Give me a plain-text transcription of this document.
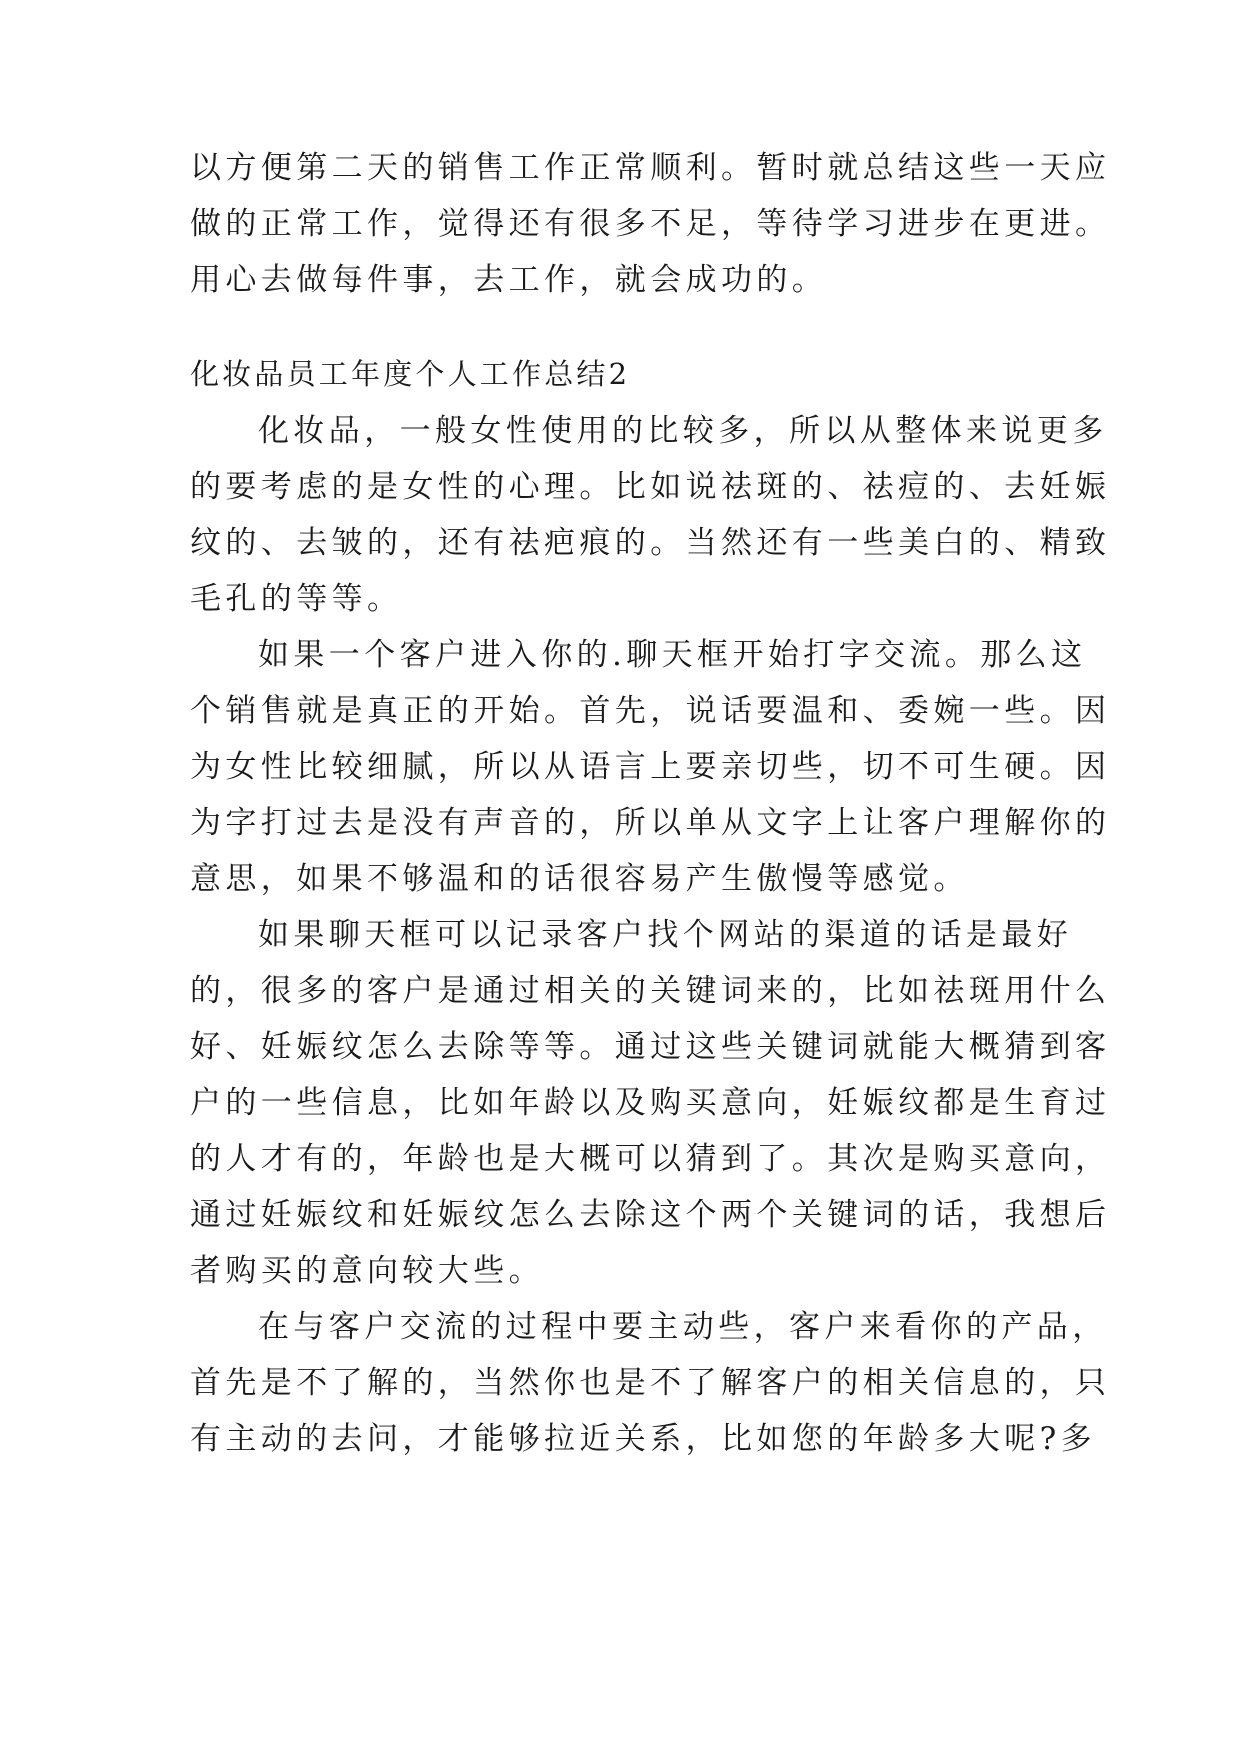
以方便第二天的销售工作正常顺利。暂时就总结这些一天应
做的正常工作，觉得还有很多不足，等待学习进步在更进。
用心去做每件事，去工作，就会成功的。
化妆品员工年度个人工作总结2
化妆品，一般女性使用的比较多，所以从整体来说更多
的要考虑的是女性的心理。比如说祛斑的、祛痘的、去妊娠
纹的、去皱的，还有祛疤痕的。当然还有一些美白的、精致
毛孔的等等。
如果一个客户进入你的.聊天框开始打字交流。那么这
个销售就是真正的开始。首先，说话要温和、委婉一些。因
为女性比较细腻，所以从语言上要亲切些，切不可生硬。因
为字打过去是没有声音的，所以单从文字上让客户理解你的
意思，如果不够温和的话很容易产生傲慢等感觉。
如果聊天框可以记录客户找个网站的渠道的话是最好
的，很多的客户是通过相关的关键词来的，比如祛斑用什么
好、妊娠纹怎么去除等等。通过这些关键词就能大概猜到客
户的一些信息，比如年龄以及购买意向，妊娠纹都是生育过
的人才有的，年龄也是大概可以猜到了。其次是购买意向，
通过妊娠纹和妊娠纹怎么去除这个两个关键词的话，我想后
者购买的意向较大些。
在与客户交流的过程中要主动些，客户来看你的产品，
首先是不了解的，当然你也是不了解客户的相关信息的，只
有主动的去问，才能够拉近关系，比如您的年龄多大呢?多
